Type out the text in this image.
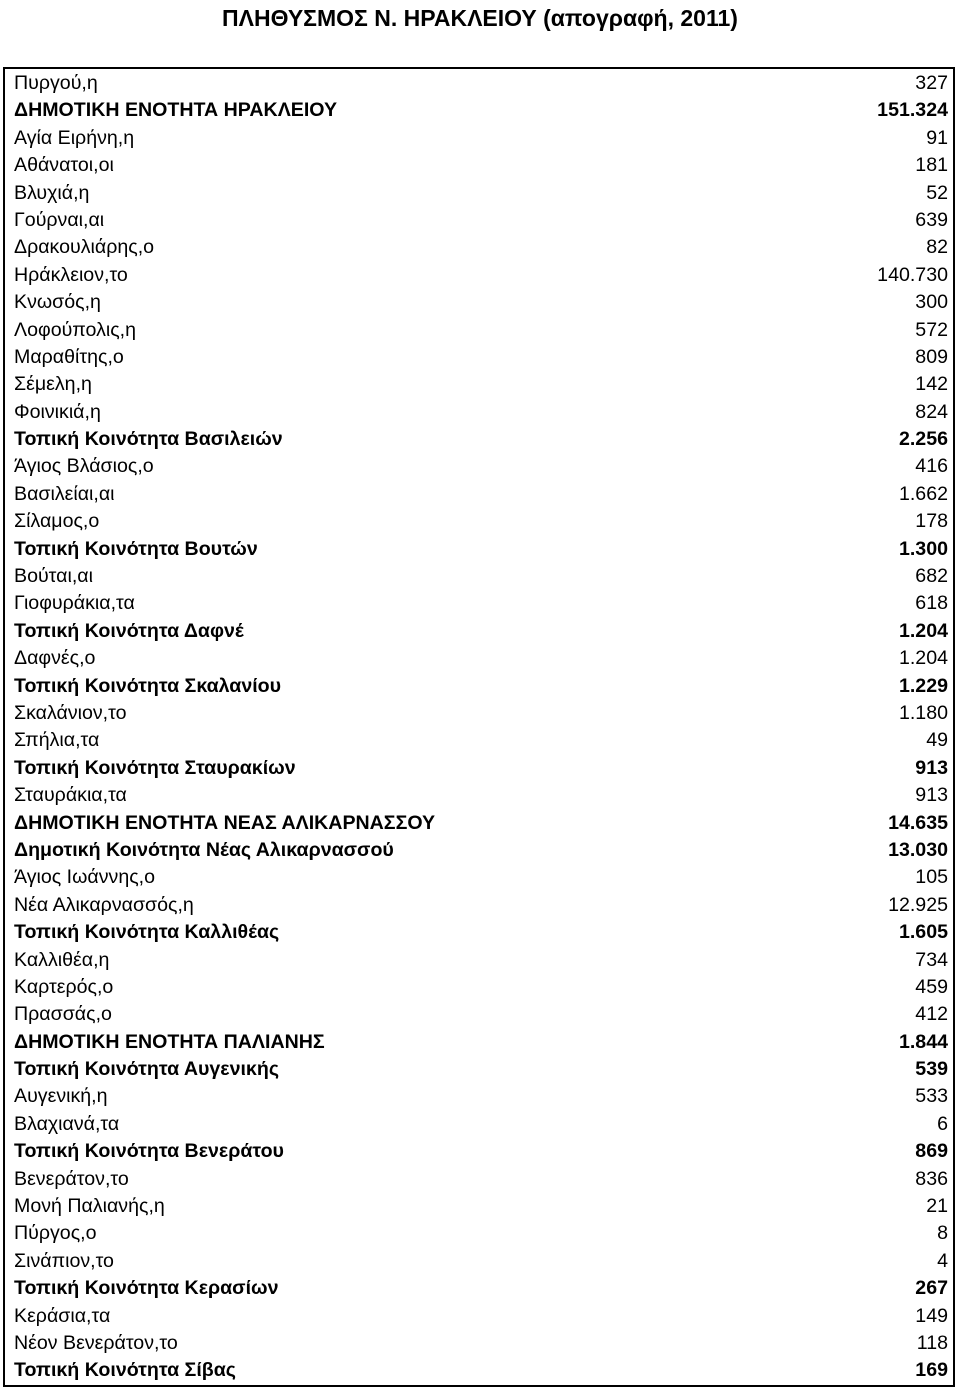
ΠΛΗΘΥΣΜΟΣ Ν. ΗΡΑΚΛΕΙΟΥ (απογραφή, 2011)
Πυργού,η	327
ΔΗΜΟΤΙΚΗ ΕΝΟΤΗΤΑ ΗΡΑΚΛΕΙΟΥ	151.324
Αγία Ειρήνη,η	91
Αθάνατοι,οι	181
Βλυχιά,η	52
Γούρναι,αι	639
Δρακουλιάρης,ο	82
Ηράκλειον,το	140.730
Κνωσός,η	300
Λοφούπολις,η	572
Μαραθίτης,ο	809
Σέμελη,η	142
Φοινικιά,η	824
Τοπική Κοινότητα Βασιλειών	2.256
Άγιος Βλάσιος,ο	416
Βασιλείαι,αι	1.662
Σίλαμος,ο	178
Τοπική Κοινότητα Βουτών	1.300
Βούται,αι	682
Γιοφυράκια,τα	618
Τοπική Κοινότητα Δαφνέ	1.204
Δαφνές,ο	1.204
Τοπική Κοινότητα Σκαλανίου	1.229
Σκαλάνιον,το	1.180
Σπήλια,τα	49
Τοπική Κοινότητα Σταυρακίων	913
Σταυράκια,τα	913
ΔΗΜΟΤΙΚΗ ΕΝΟΤΗΤΑ ΝΕΑΣ ΑΛΙΚΑΡΝΑΣΣΟΥ	14.635
Δημοτική Κοινότητα Νέας Αλικαρνασσού	13.030
Άγιος Ιωάννης,ο	105
Νέα Αλικαρνασσός,η	12.925
Τοπική Κοινότητα Καλλιθέας	1.605
Καλλιθέα,η	734
Καρτερός,ο	459
Πρασσάς,ο	412
ΔΗΜΟΤΙΚΗ ΕΝΟΤΗΤΑ ΠΑΛΙΑΝΗΣ	1.844
Τοπική Κοινότητα Αυγενικής	539
Αυγενική,η	533
Βλαχιανά,τα	6
Τοπική Κοινότητα Βενεράτου	869
Βενεράτον,το	836
Μονή Παλιανής,η	21
Πύργος,ο	8
Σινάπιον,το	4
Τοπική Κοινότητα Κερασίων	267
Κεράσια,τα	149
Νέον Βενεράτον,το	118
Τοπική Κοινότητα Σίβας	169
